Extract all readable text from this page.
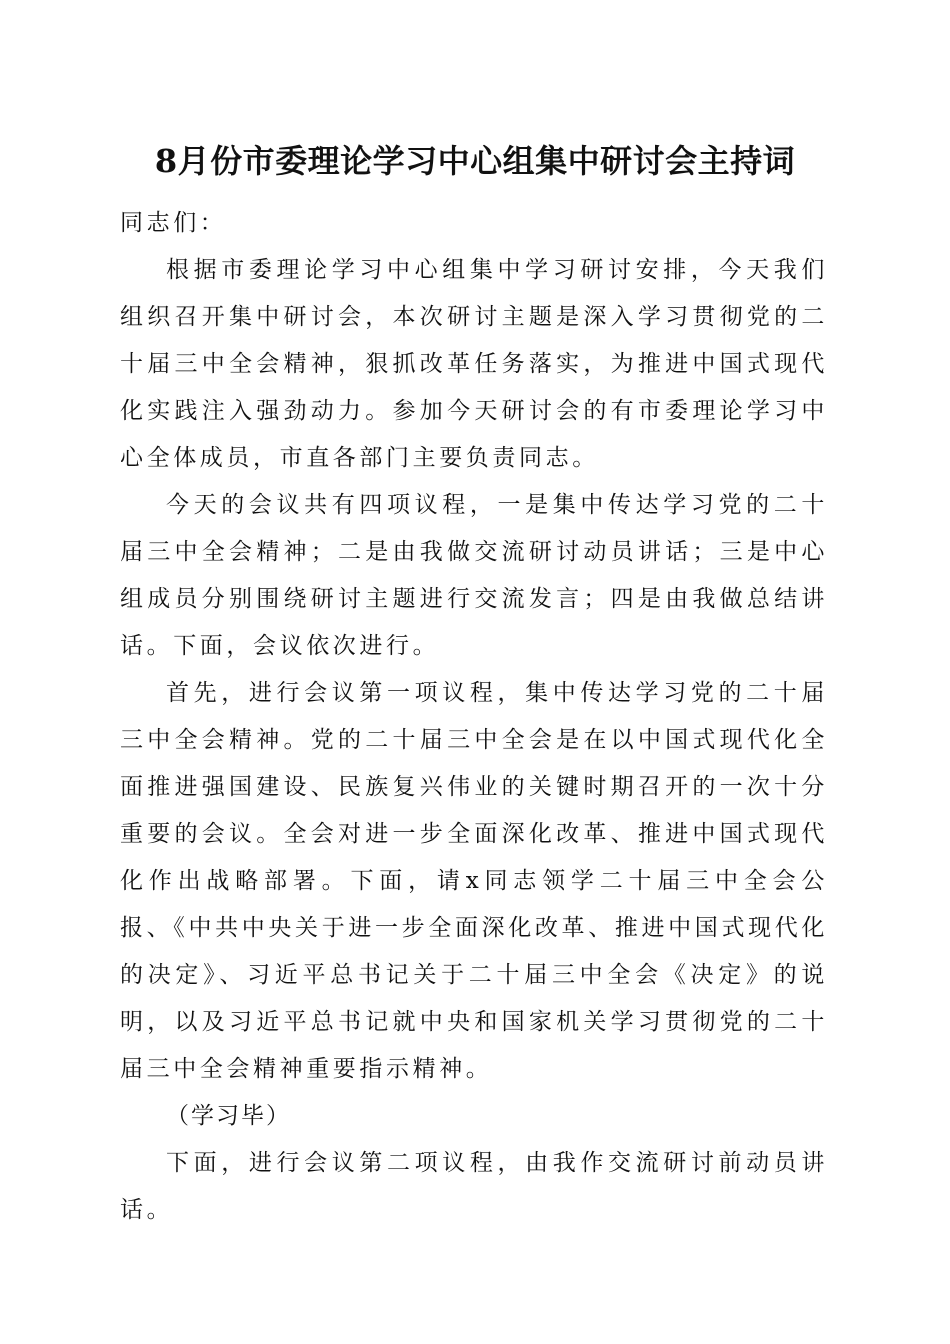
8月份市委理论学习中心组集中研讨会主持词

同志们：

根据市委理论学习中心组集中学习研讨安排，今天我们组织召开集中研讨会，本次研讨主题是深入学习贯彻党的二十届三中全会精神，狠抓改革任务落实，为推进中国式现代化实践注入强劲动力。参加今天研讨会的有市委理论学习中心全体成员，市直各部门主要负责同志。

今天的会议共有四项议程，一是集中传达学习党的二十届三中全会精神；二是由我做交流研讨动员讲话；三是中心组成员分别围绕研讨主题进行交流发言；四是由我做总结讲话。下面，会议依次进行。

首先，进行会议第一项议程，集中传达学习党的二十届三中全会精神。党的二十届三中全会是在以中国式现代化全面推进强国建设、民族复兴伟业的关键时期召开的一次十分重要的会议。全会对进一步全面深化改革、推进中国式现代化作出战略部署。下面，请x同志领学二十届三中全会公报、《中共中央关于进一步全面深化改革、推进中国式现代化的决定》、习近平总书记关于二十届三中全会《决定》的说明，以及习近平总书记就中央和国家机关学习贯彻党的二十届三中全会精神重要指示精神。

（学习毕）

下面，进行会议第二项议程，由我作交流研讨前动员讲话。
